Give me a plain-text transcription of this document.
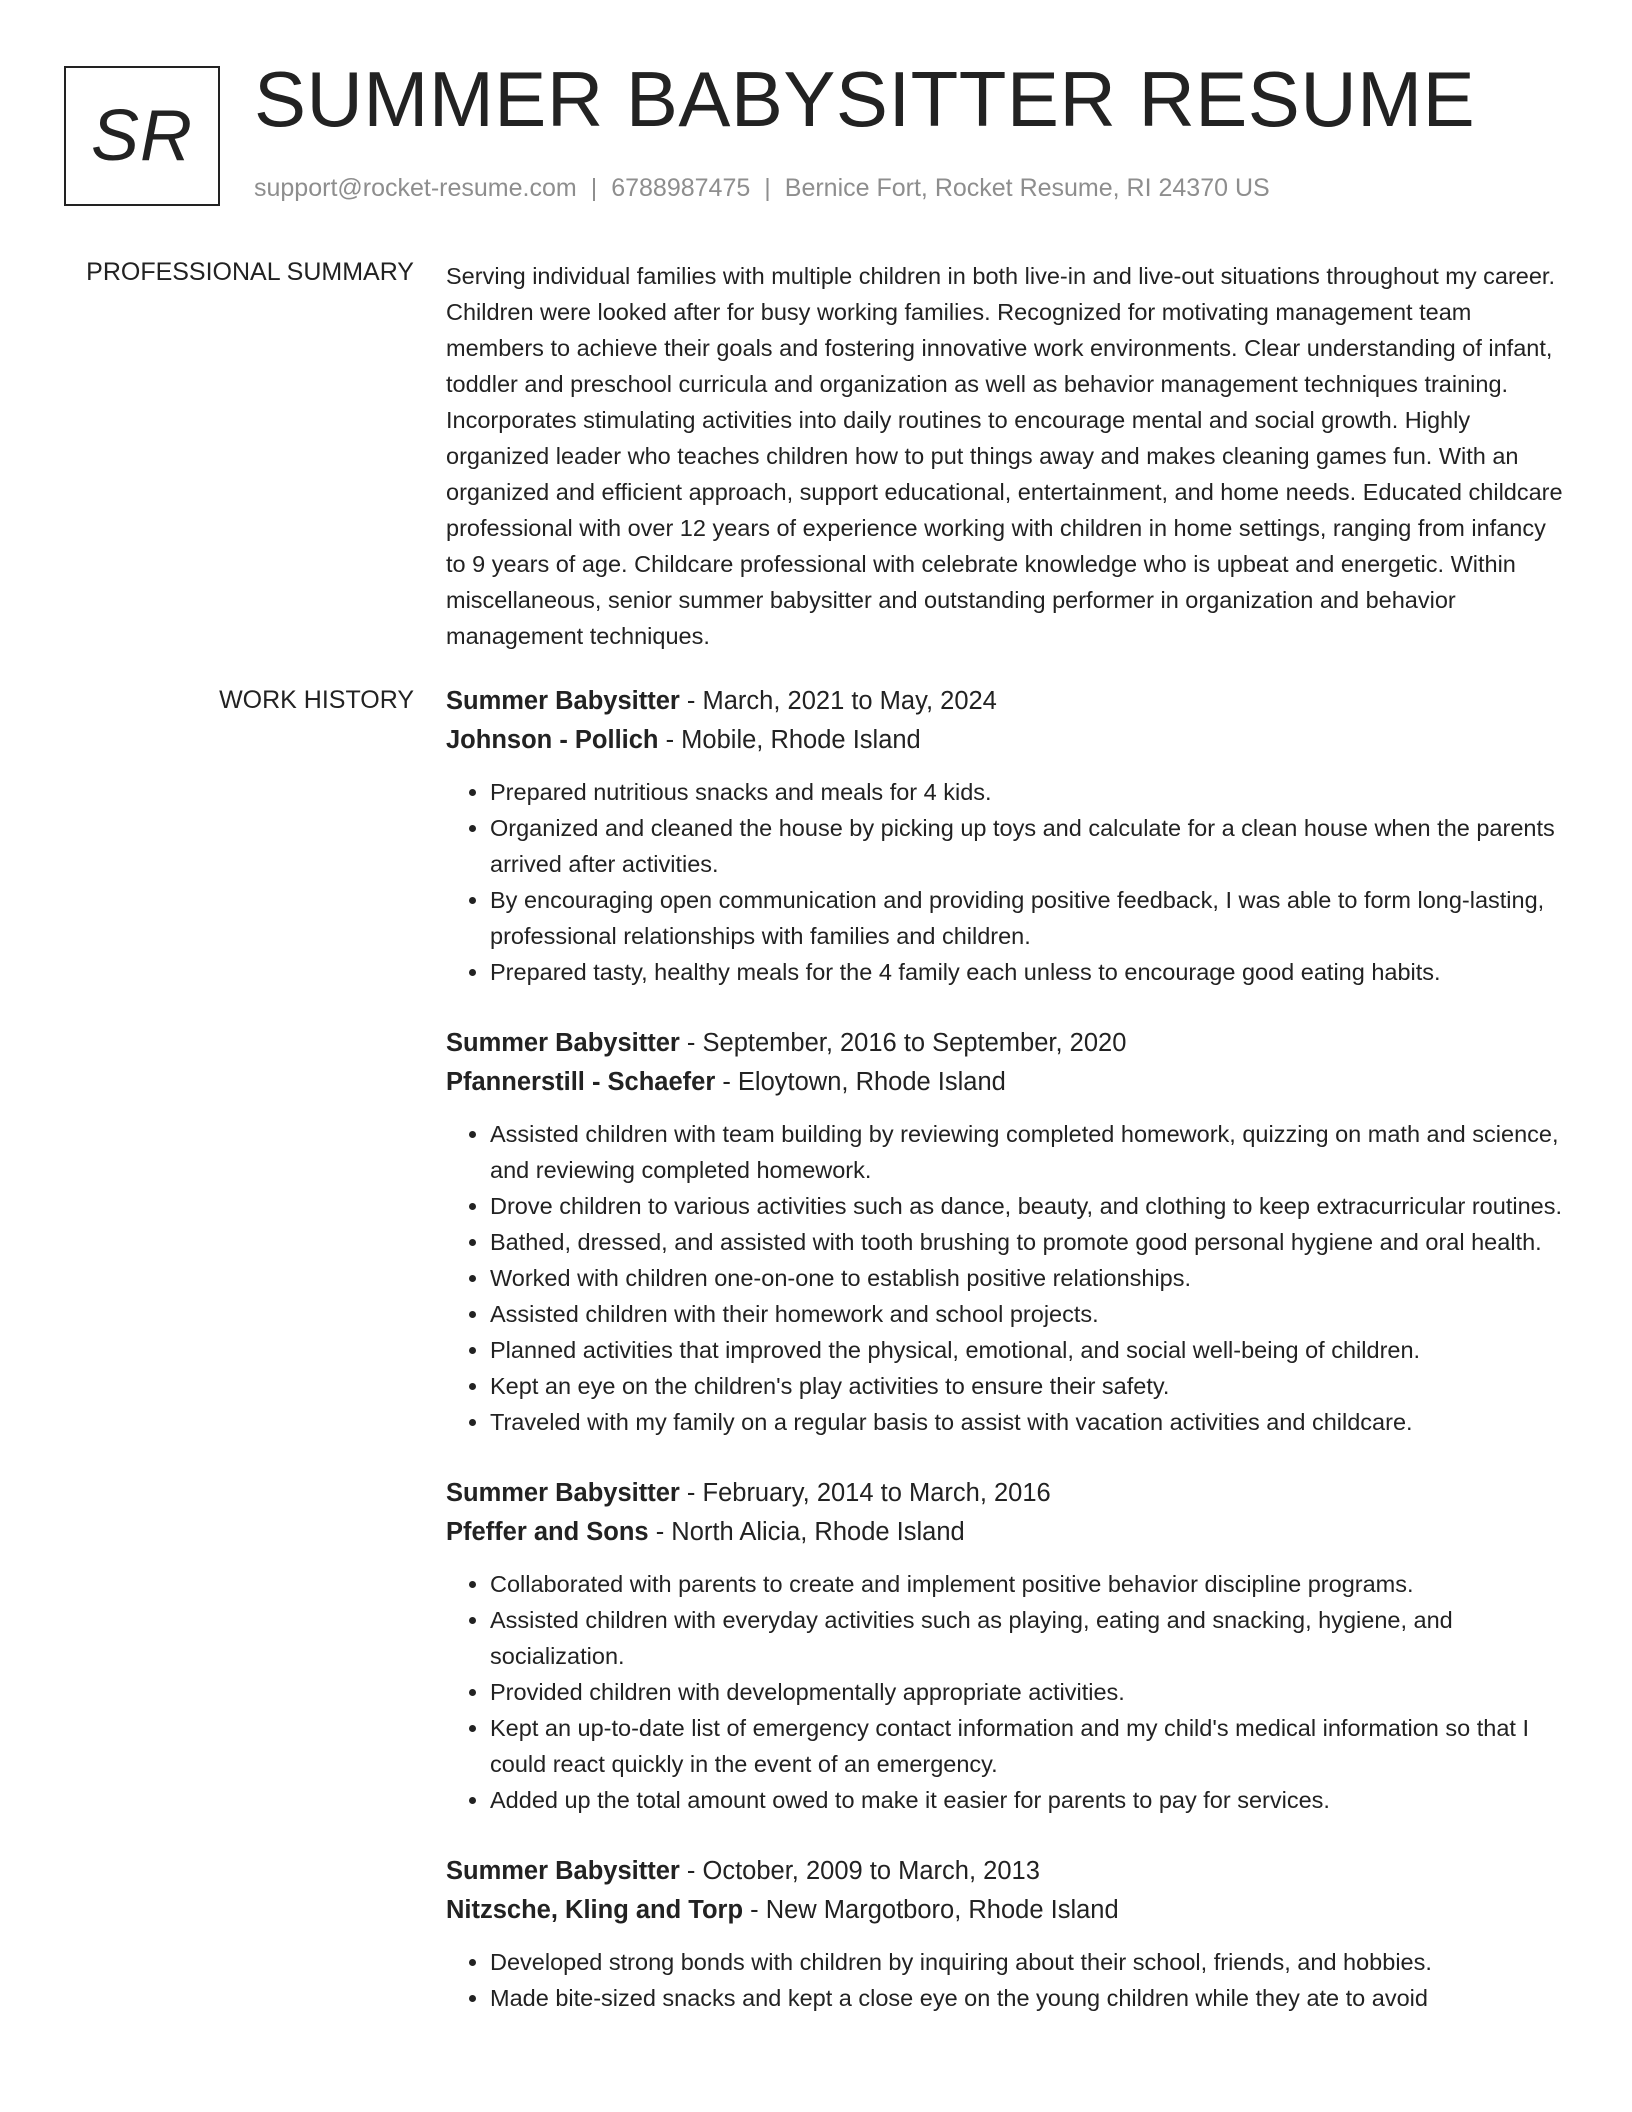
SR SUMMER BABYSITTER RESUME
support@rocket-resume.com | 6788987475 | Bernice Fort, Rocket Resume, RI 24370 US
PROFESSIONAL SUMMARY Serving individual families with multiple children in both live-in and live-out situations throughout my career. Children were looked after for busy working families. Recognized for motivating management team members to achieve their goals and fostering innovative work environments. Clear understanding of infant, toddler and preschool curricula and organization as well as behavior management techniques training. Incorporates stimulating activities into daily routines to encourage mental and social growth. Highly organized leader who teaches children how to put things away and makes cleaning games fun. With an organized and efficient approach, support educational, entertainment, and home needs. Educated childcare professional with over 12 years of experience working with children in home settings, ranging from infancy to 9 years of age. Childcare professional with celebrate knowledge who is upbeat and energetic. Within miscellaneous, senior summer babysitter and outstanding performer in organization and behavior management techniques.

WORK HISTORY Summer Babysitter - March, 2021 to May, 2024
Johnson - Pollich - Mobile, Rhode Island
• Prepared nutritious snacks and meals for 4 kids.
• Organized and cleaned the house by picking up toys and calculate for a clean house when the parents arrived after activities.
• By encouraging open communication and providing positive feedback, I was able to form long-lasting, professional relationships with families and children.
• Prepared tasty, healthy meals for the 4 family each unless to encourage good eating habits.
Summer Babysitter - September, 2016 to September, 2020
Pfannerstill - Schaefer - Eloytown, Rhode Island
• Assisted children with team building by reviewing completed homework, quizzing on math and science, and reviewing completed homework.
• Drove children to various activities such as dance, beauty, and clothing to keep extracurricular routines.
• Bathed, dressed, and assisted with tooth brushing to promote good personal hygiene and oral health.
• Worked with children one-on-one to establish positive relationships.
• Assisted children with their homework and school projects.
• Planned activities that improved the physical, emotional, and social well-being of children.
• Kept an eye on the children's play activities to ensure their safety.
• Traveled with my family on a regular basis to assist with vacation activities and childcare.
Summer Babysitter - February, 2014 to March, 2016
Pfeffer and Sons - North Alicia, Rhode Island
• Collaborated with parents to create and implement positive behavior discipline programs.
• Assisted children with everyday activities such as playing, eating and snacking, hygiene, and socialization.
• Provided children with developmentally appropriate activities.
• Kept an up-to-date list of emergency contact information and my child's medical information so that I could react quickly in the event of an emergency.
• Added up the total amount owed to make it easier for parents to pay for services.
Summer Babysitter - October, 2009 to March, 2013
Nitzsche, Kling and Torp - New Margotboro, Rhode Island
• Developed strong bonds with children by inquiring about their school, friends, and hobbies.
• Made bite-sized snacks and kept a close eye on the young children while they ate to avoid
